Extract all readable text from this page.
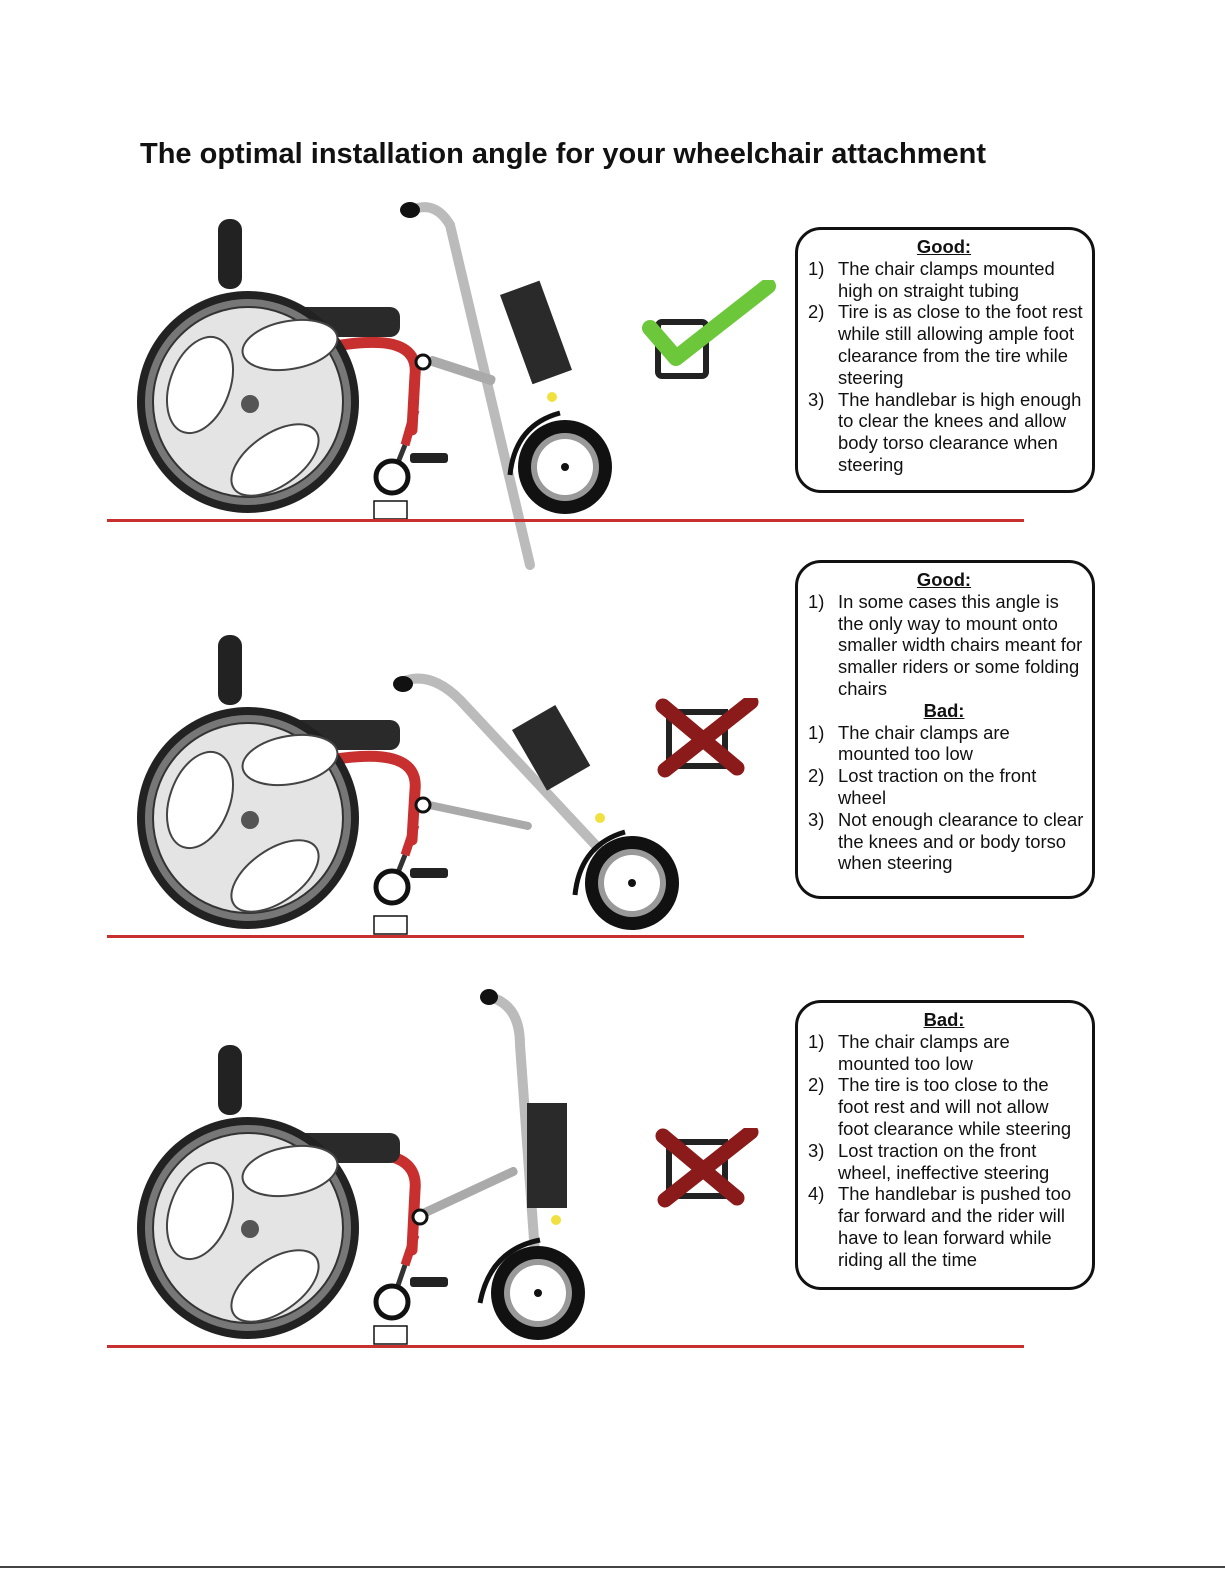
The optimal installation angle for your wheelchair attachment
Good:
1) The chair clamps mounted high on straight tubing
2) Tire is as close to the foot rest while still allowing ample foot clearance from the tire while steering
3) The handlebar is high enough to clear the knees and allow body torso clearance when steering
Good:
1) In some cases this angle is the only way to mount onto smaller width chairs meant for smaller riders or some folding chairs
Bad:
1) The chair clamps are mounted too low
2) Lost traction on the front wheel
3) Not enough clearance to clear the knees and or body torso when steering
Bad:
1) The chair clamps are mounted too low
2) The tire is too close to the foot rest and will not allow foot clearance while steering
3) Lost traction on the front wheel, ineffective steering
4) The handlebar is pushed too far forward and the rider will have to lean forward while riding all the time
